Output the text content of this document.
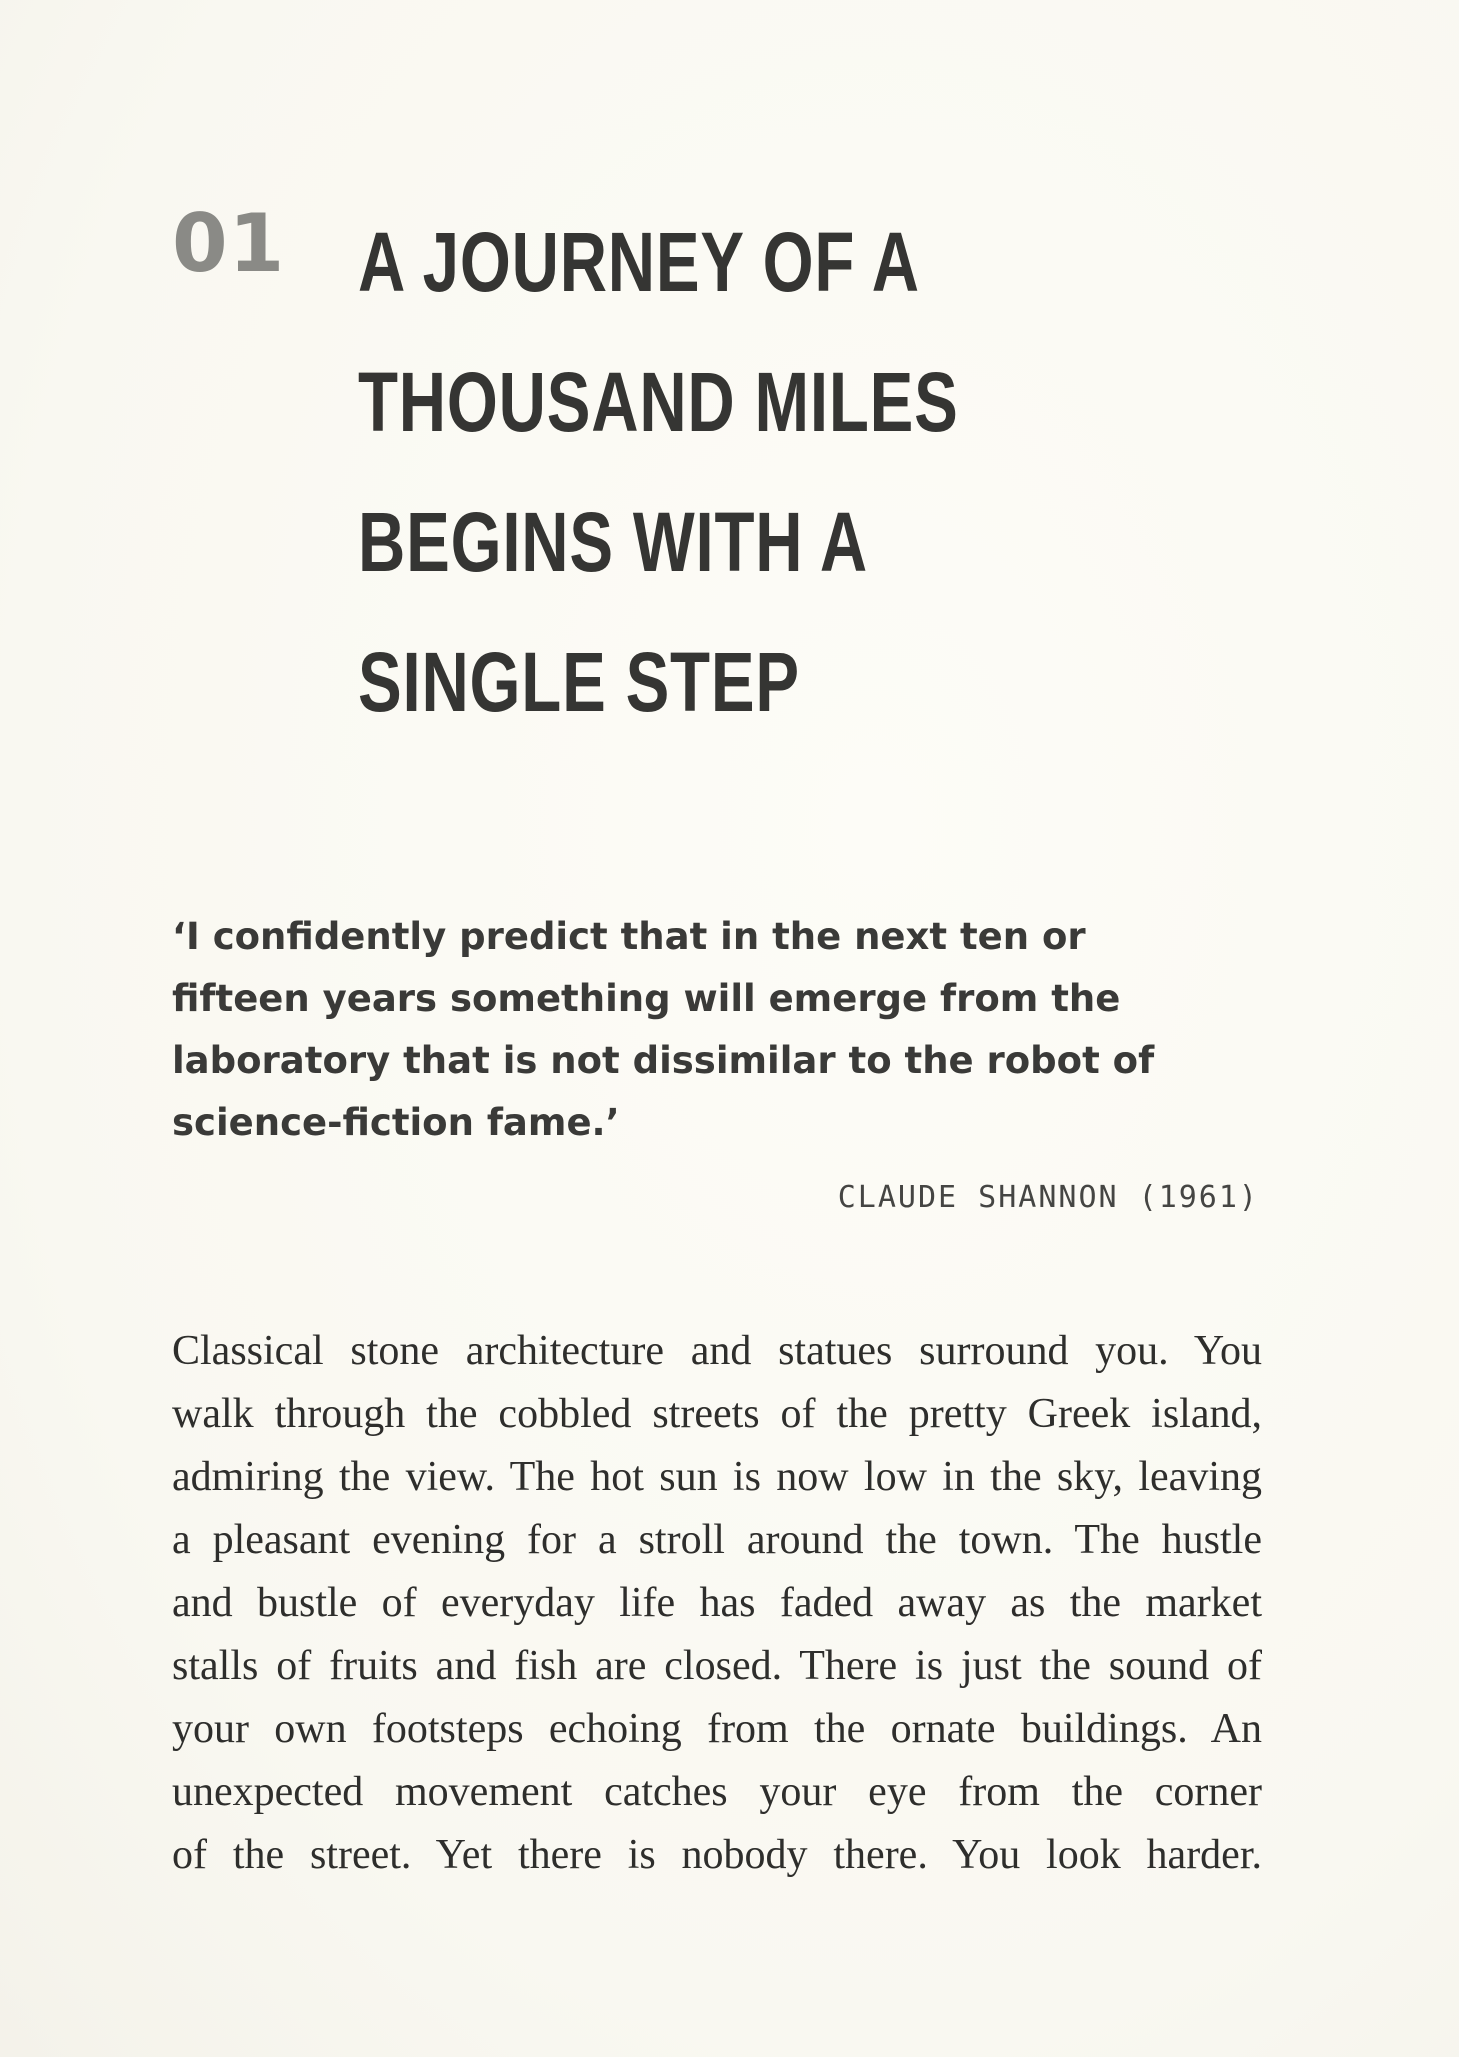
01 A JOURNEY OF A
THOUSAND MILES
BEGINS WITH A
SINGLE STEP
‘I confidently predict that in the next ten or
fifteen years something will emerge from the
laboratory that is not dissimilar to the robot of
science-fiction fame.’
CLAUDE SHANNON (1961)

Classical stone architecture and statues surround you. You
walk through the cobbled streets of the pretty Greek island,
admiring the view. The hot sun is now low in the sky, leaving
a pleasant evening for a stroll around the town. The hustle
and bustle of everyday life has faded away as the market
stalls of fruits and fish are closed. There is just the sound of
your own footsteps echoing from the ornate buildings. An
unexpected movement catches your eye from the corner
of the street. Yet there is nobody there. You look harder.
